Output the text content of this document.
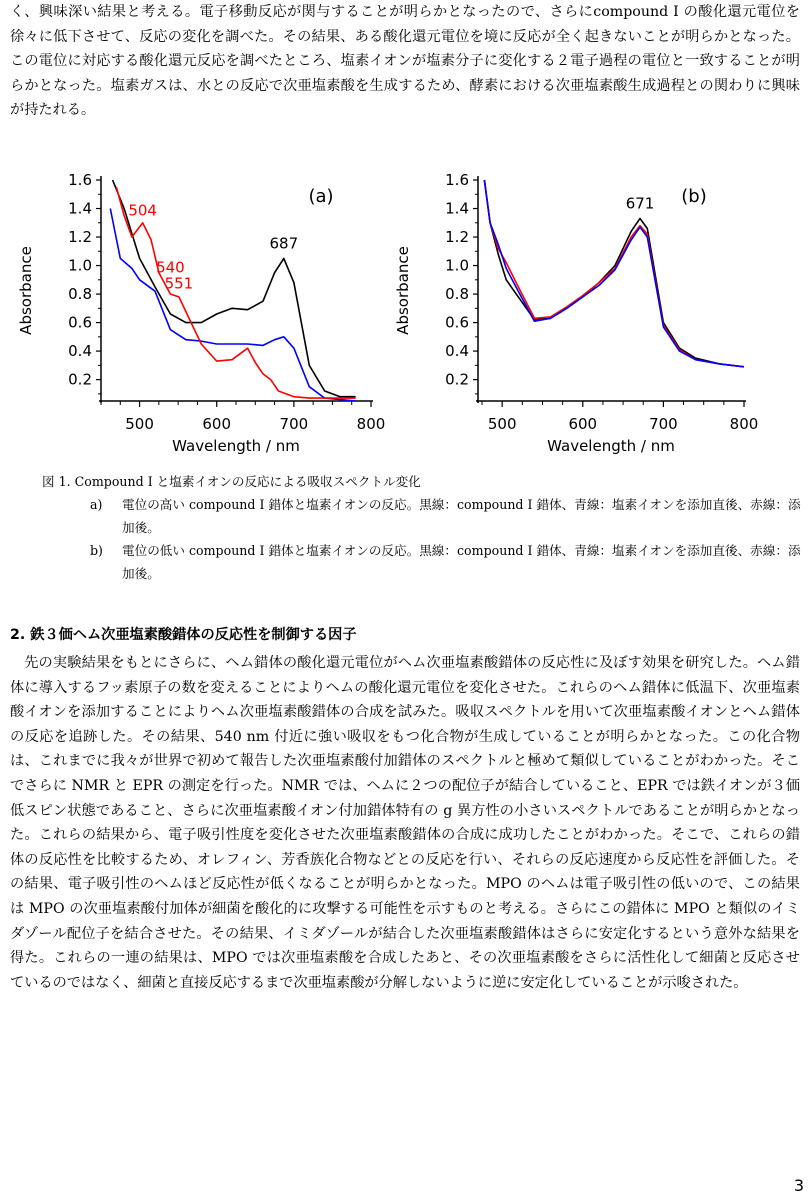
く、興味深い結果と考える。電子移動反応が関与することが明らかとなったので、さらにcompound I の酸化還元電位を徐々に低下させて、反応の変化を調べた。その結果、ある酸化還元電位を境に反応が全く起きないことが明らかとなった。この電位に対応する酸化還元反応を調べたところ、塩素イオンが塩素分子に変化する２電子過程の電位と一致することが明らかとなった。塩素ガスは、水との反応で次亜塩素酸を生成するため、酵素における次亜塩素酸生成過程との関わりに興味が持たれる。

0.2
0.4
0.6
0.8
1.0
1.2
1.4
1.6
500	600	700	800
Wavelength / nm
Absorbance
504
540
551
687
(a)
0.2
0.4
0.6
0.8
1.0
1.2
1.4
1.6
500	600	700	800
Wavelength / nm
Absorbance
671 (b)

図 1. Compound I と塩素イオンの反応による吸収スペクトル変化

a)	電位の高い compound I 錯体と塩素イオンの反応。黒線：compound I 錯体、青線：塩素イオンを添加直後、赤線：添加後。
b)	電位の低い compound I 錯体と塩素イオンの反応。黒線：compound I 錯体、青線：塩素イオンを添加直後、赤線：添加後。

2. 鉄３価ヘム次亜塩素酸錯体の反応性を制御する因子

先の実験結果をもとにさらに、ヘム錯体の酸化還元電位がヘム次亜塩素酸錯体の反応性に及ぼす効果を研究した。ヘム錯体に導入するフッ素原子の数を変えることによりヘムの酸化還元電位を変化させた。これらのヘム錯体に低温下、次亜塩素酸イオンを添加することによりヘム次亜塩素酸錯体の合成を試みた。吸収スペクトルを用いて次亜塩素酸イオンとヘム錯体の反応を追跡した。その結果、540 nm 付近に強い吸収をもつ化合物が生成していることが明らかとなった。この化合物は、これまでに我々が世界で初めて報告した次亜塩素酸付加錯体のスペクトルと極めて類似していることがわかった。そこでさらに NMR と EPR の測定を行った。NMR では、ヘムに２つの配位子が結合していること、EPR では鉄イオンが３価低スピン状態であること、さらに次亜塩素酸イオン付加錯体特有の g 異方性の小さいスペクトルであることが明らかとなった。これらの結果から、電子吸引性度を変化させた次亜塩素酸錯体の合成に成功したことがわかった。そこで、これらの錯体の反応性を比較するため、オレフィン、芳香族化合物などとの反応を行い、それらの反応速度から反応性を評価した。その結果、電子吸引性のヘムほど反応性が低くなることが明らかとなった。MPO のヘムは電子吸引性の低いので、この結果は MPO の次亜塩素酸付加体が細菌を酸化的に攻撃する可能性を示すものと考える。さらにこの錯体に MPO と類似のイミダゾール配位子を結合させた。その結果、イミダゾールが結合した次亜塩素酸錯体はさらに安定化するという意外な結果を得た。これらの一連の結果は、MPO では次亜塩素酸を合成したあと、その次亜塩素酸をさらに活性化して細菌と反応させているのではなく、細菌と直接反応するまで次亜塩素酸が分解しないように逆に安定化していることが示唆された。

3
